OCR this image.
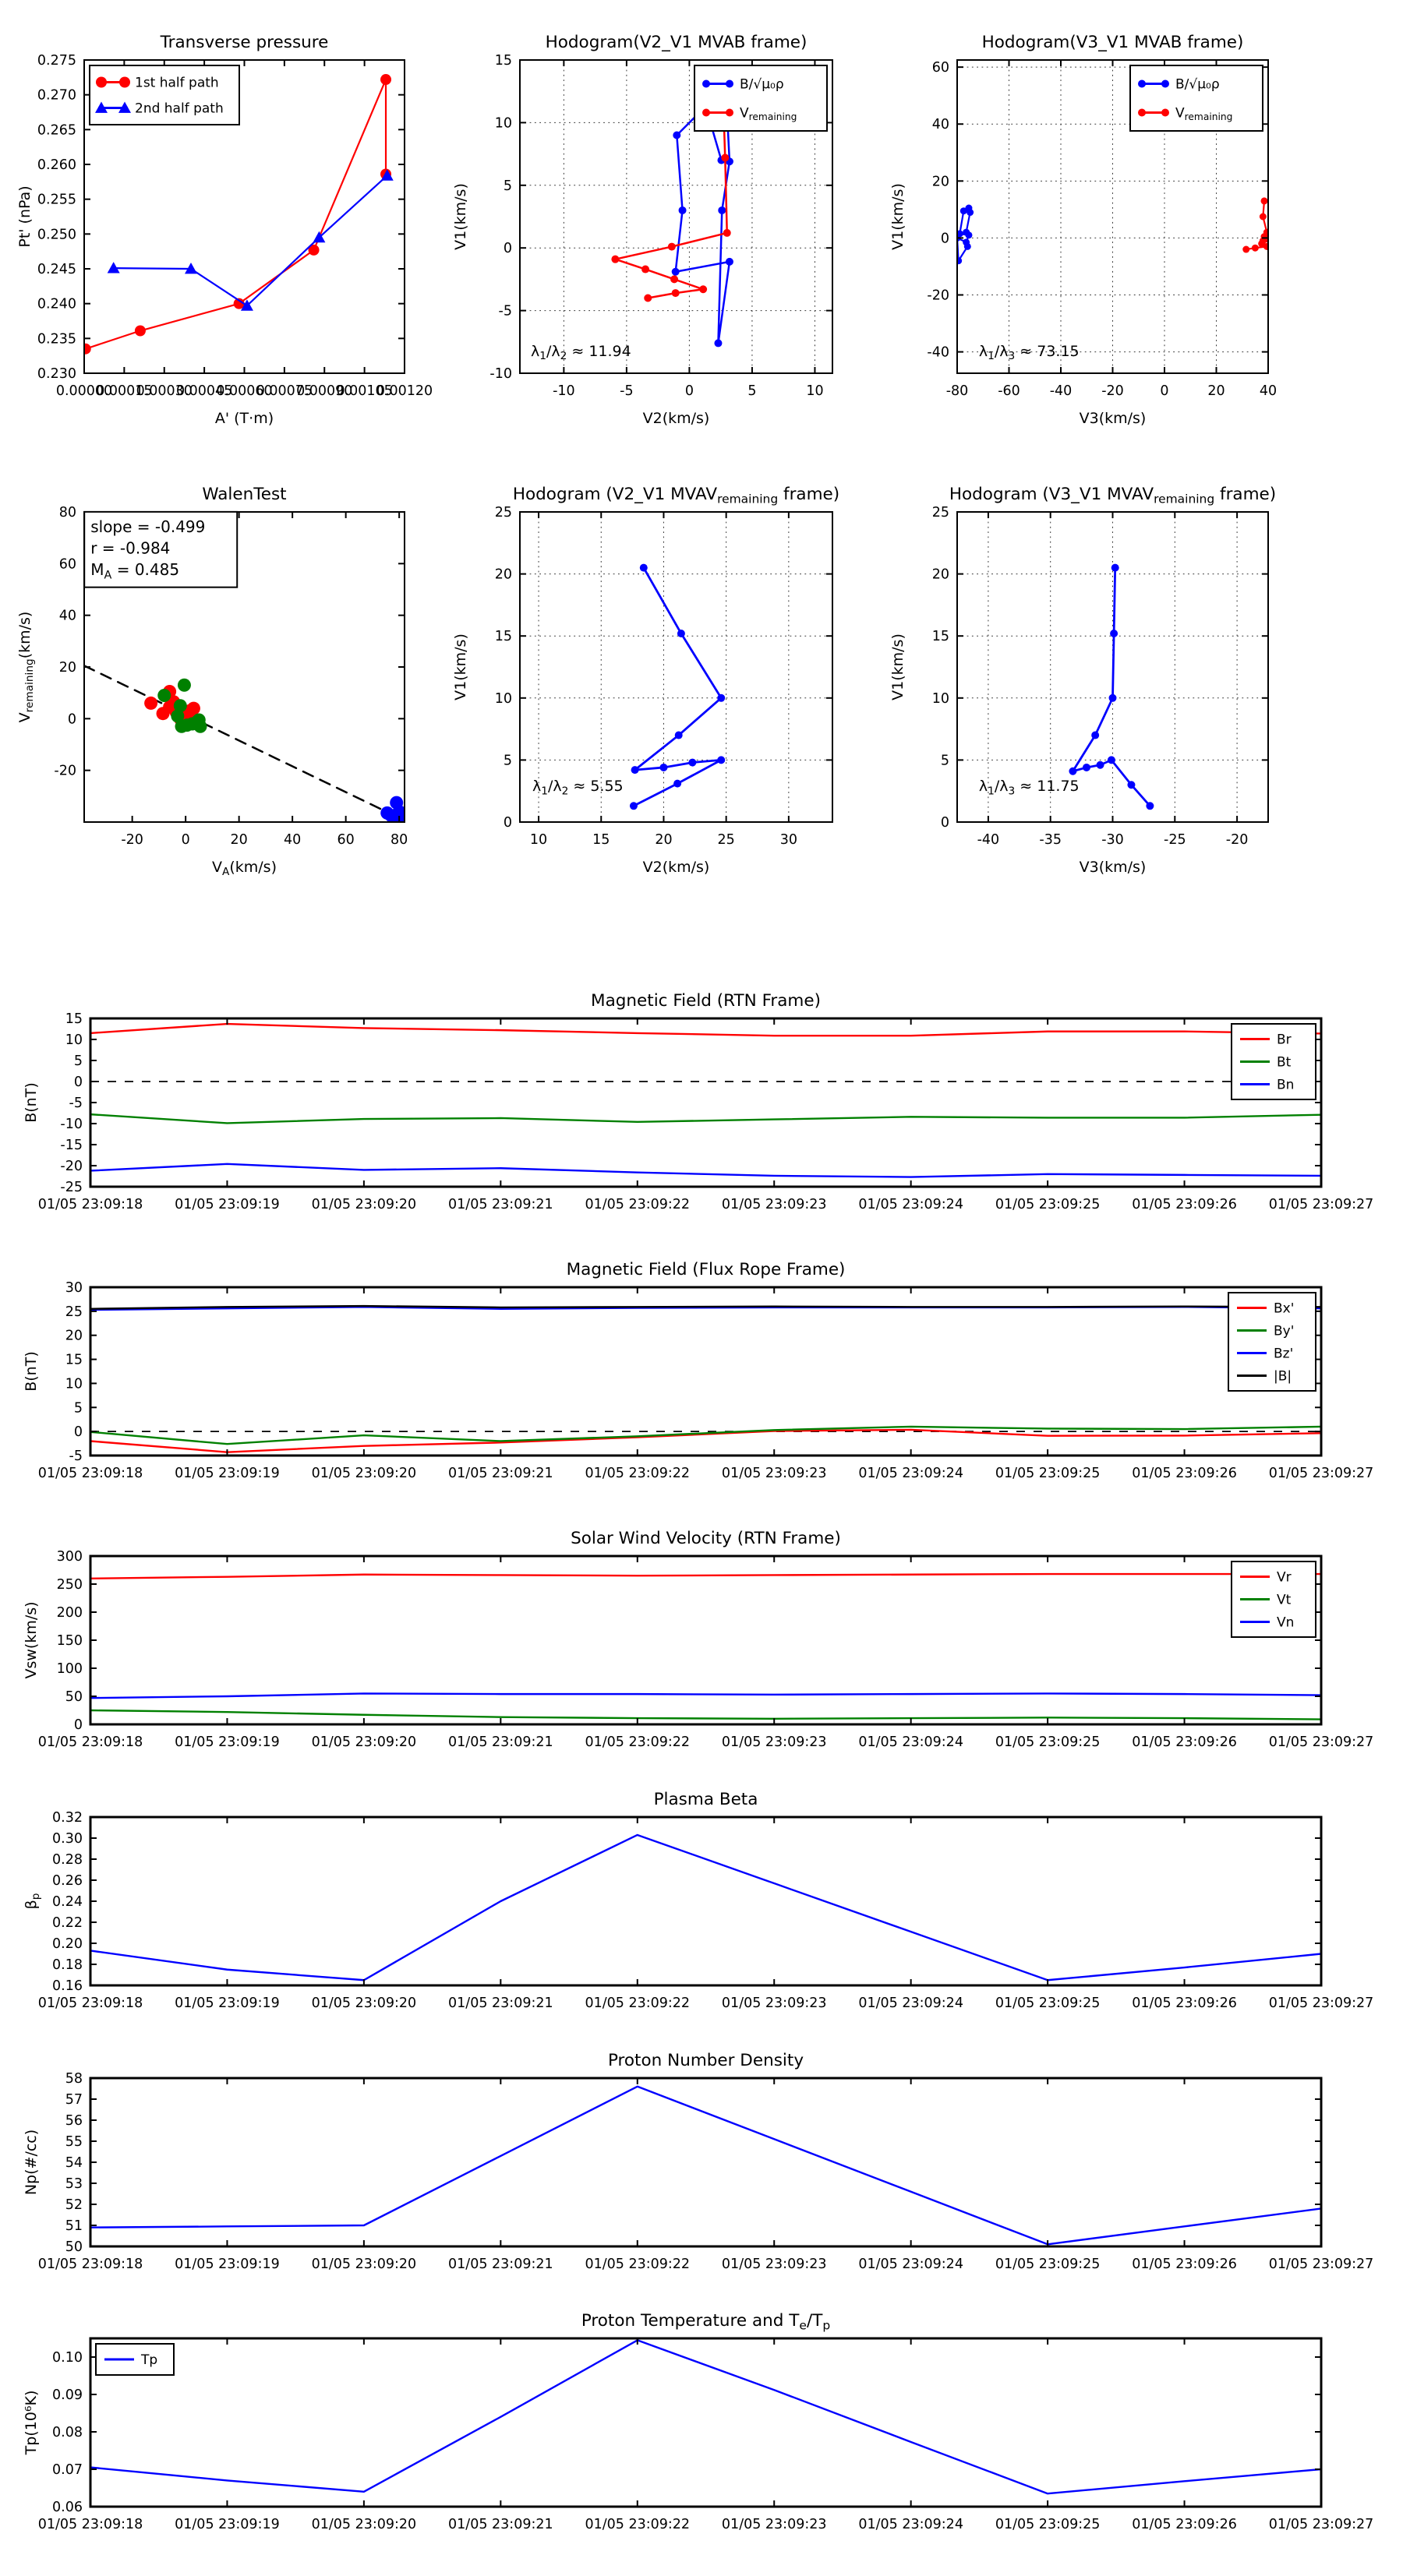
0.00000
0.00015
0.00030
0.00045
0.00060
0.00075
0.00090
0.00105
0.00120
0.230
0.235
0.240
0.245
0.250
0.255
0.260
0.265
0.270
0.275
Transverse pressure
A' (T·m)
Pt' (nPa)
1st half path
2nd half path
-10	-5	0	5	10
-10
-5
0
5
10
15
Hodogram(V2_V1 MVAB frame)
V2(km/s)
V1(km/s)
$\lambda_1/\lambda_2 \approx 11.94$
B/√μ₀ρ
$V_{remaining}$
-80 -60 -40 -20	0	20	40
-40
-20
0
20
40
60
Hodogram(V3_V1 MVAB frame)
V3(km/s)
V1(km/s)
$\lambda_1/\lambda_3 \approx 73.15$
B/√μ₀ρ
$V_{remaining}$
-20	0	20	40	60	80
-20
0
20
40
60
80
WalenTest
$V_A(km/s)$
$V_{remaining}(km/s)$
slope = -0.499
r = -0.984
$M_A = 0.485$
10	15	20	25	30
0
5
10
15
20
25
Hodogram (V2_V1 $MVAV_{remaining}$ frame)
V2(km/s)
V1(km/s)
$\lambda_1/\lambda_2 \approx 5.55$
-40	-35	-30	-25	-20
0
5
10
15
20
25
Hodogram (V3_V1 $MVAV_{remaining}$ frame)
V3(km/s)
V1(km/s)
$\lambda_1/\lambda_3 \approx 11.75$
01/05 23:09:18 01/05 23:09:19 01/05 23:09:20 01/05 23:09:21 01/05 23:09:22 01/05 23:09:23 01/05 23:09:24 01/05 23:09:25 01/05 23:09:26 01/05 23:09:27
-25
-20
-15
-10
-5
0
5
10
15
Magnetic Field (RTN Frame)
B(nT)
Br
Bt
Bn
01/05 23:09:18 01/05 23:09:19 01/05 23:09:20 01/05 23:09:21 01/05 23:09:22 01/05 23:09:23 01/05 23:09:24 01/05 23:09:25 01/05 23:09:26 01/05 23:09:27
-5
0
5
10
15
20
25
30
Magnetic Field (Flux Rope Frame)
B(nT)
Bx'
By'
Bz'
|B|
01/05 23:09:18 01/05 23:09:19 01/05 23:09:20 01/05 23:09:21 01/05 23:09:22 01/05 23:09:23 01/05 23:09:24 01/05 23:09:25 01/05 23:09:26 01/05 23:09:27
0
50
100
150
200
250
300
Solar Wind Velocity (RTN Frame)
Vsw(km/s)
Vr
Vt
Vn
01/05 23:09:18 01/05 23:09:19 01/05 23:09:20 01/05 23:09:21 01/05 23:09:22 01/05 23:09:23 01/05 23:09:24 01/05 23:09:25 01/05 23:09:26 01/05 23:09:27
0.16
0.18
0.20
0.22
0.24
0.26
0.28
0.30
0.32
Plasma Beta
$\beta_p$
01/05 23:09:18 01/05 23:09:19 01/05 23:09:20 01/05 23:09:21 01/05 23:09:22 01/05 23:09:23 01/05 23:09:24 01/05 23:09:25 01/05 23:09:26 01/05 23:09:27
50
51
52
53
54
55
56
57
58
Proton Number Density
Np(#/cc)
01/05 23:09:18 01/05 23:09:19 01/05 23:09:20 01/05 23:09:21 01/05 23:09:22 01/05 23:09:23 01/05 23:09:24 01/05 23:09:25 01/05 23:09:26 01/05 23:09:27
0.06
0.07
0.08
0.09
0.10
Proton Temperature and $T_e/T_p$
Tp(10⁶K)
Tp
